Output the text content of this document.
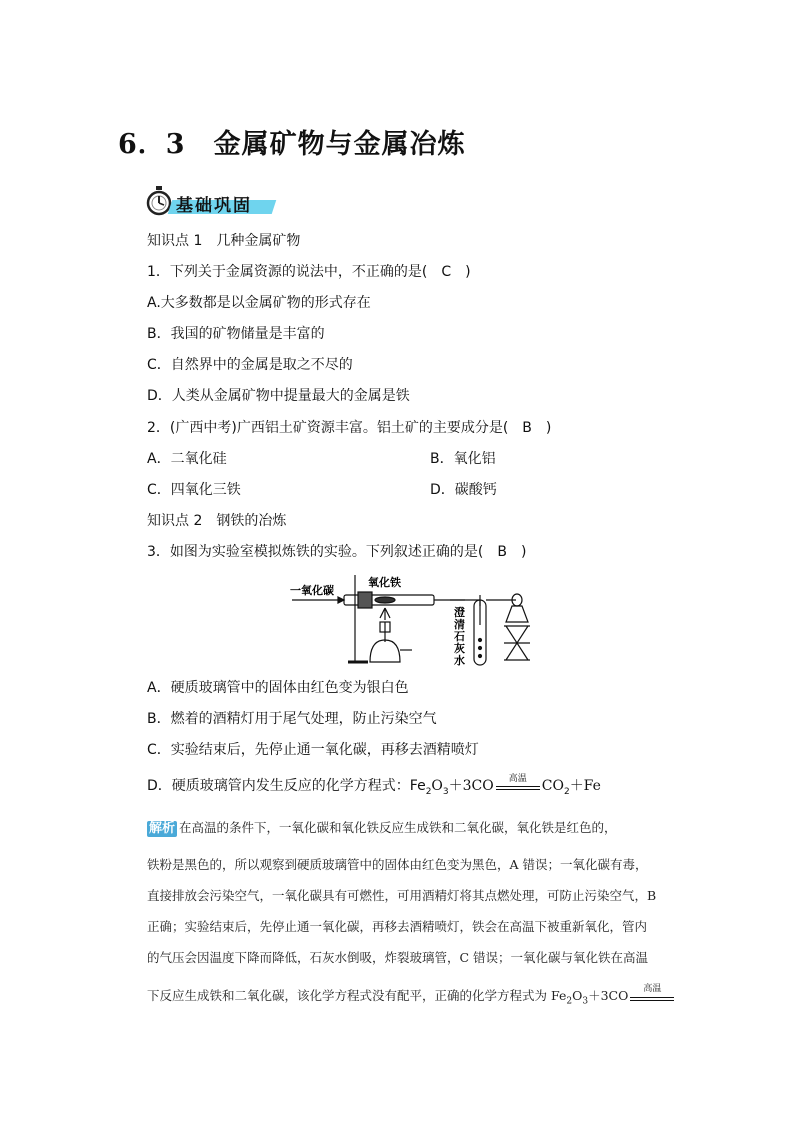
6．3 金属矿物与金属冶炼
基础巩固
知识点 1　几种金属矿物
1．下列关于金属资源的说法中，不正确的是(　C　)
A.大多数都是以金属矿物的形式存在
B．我国的矿物储量是丰富的
C．自然界中的金属是取之不尽的
D．人类从金属矿物中提量最大的金属是铁
2．(广西中考)广西铝土矿资源丰富。铝土矿的主要成分是(　B　)
A．二氧化硅	B．氧化铝
C．四氧化三铁	D．碳酸钙
知识点 2　钢铁的冶炼
3．如图为实验室模拟炼铁的实验。下列叙述正确的是(　B　)
一氧化碳
氧化铁
澄
清
石
灰
水
A．硬质玻璃管中的固体由红色变为银白色
B．燃着的酒精灯用于尾气处理，防止污染空气
C．实验结束后，先停止通一氧化碳，再移去酒精喷灯
D．硬质玻璃管内发生反应的化学方程式：$Fe_2O_3+3CO$	高温	$CO_2+Fe$
解析 在高温的条件下，一氧化碳和氧化铁反应生成铁和二氧化碳，氧化铁是红色的，
铁粉是黑色的，所以观察到硬质玻璃管中的固体由红色变为黑色，A 错误；一氧化碳有毒，
直接排放会污染空气，一氧化碳具有可燃性，可用酒精灯将其点燃处理，可防止污染空气，B
正确；实验结束后，先停止通一氧化碳，再移去酒精喷灯，铁会在高温下被重新氧化，管内
的气压会因温度下降而降低，石灰水倒吸，炸裂玻璃管，C 错误；一氧化碳与氧化铁在高温
下反应生成铁和二氧化碳，该化学方程式没有配平，正确的化学方程式为 $Fe_2O_3+3CO$	高温
